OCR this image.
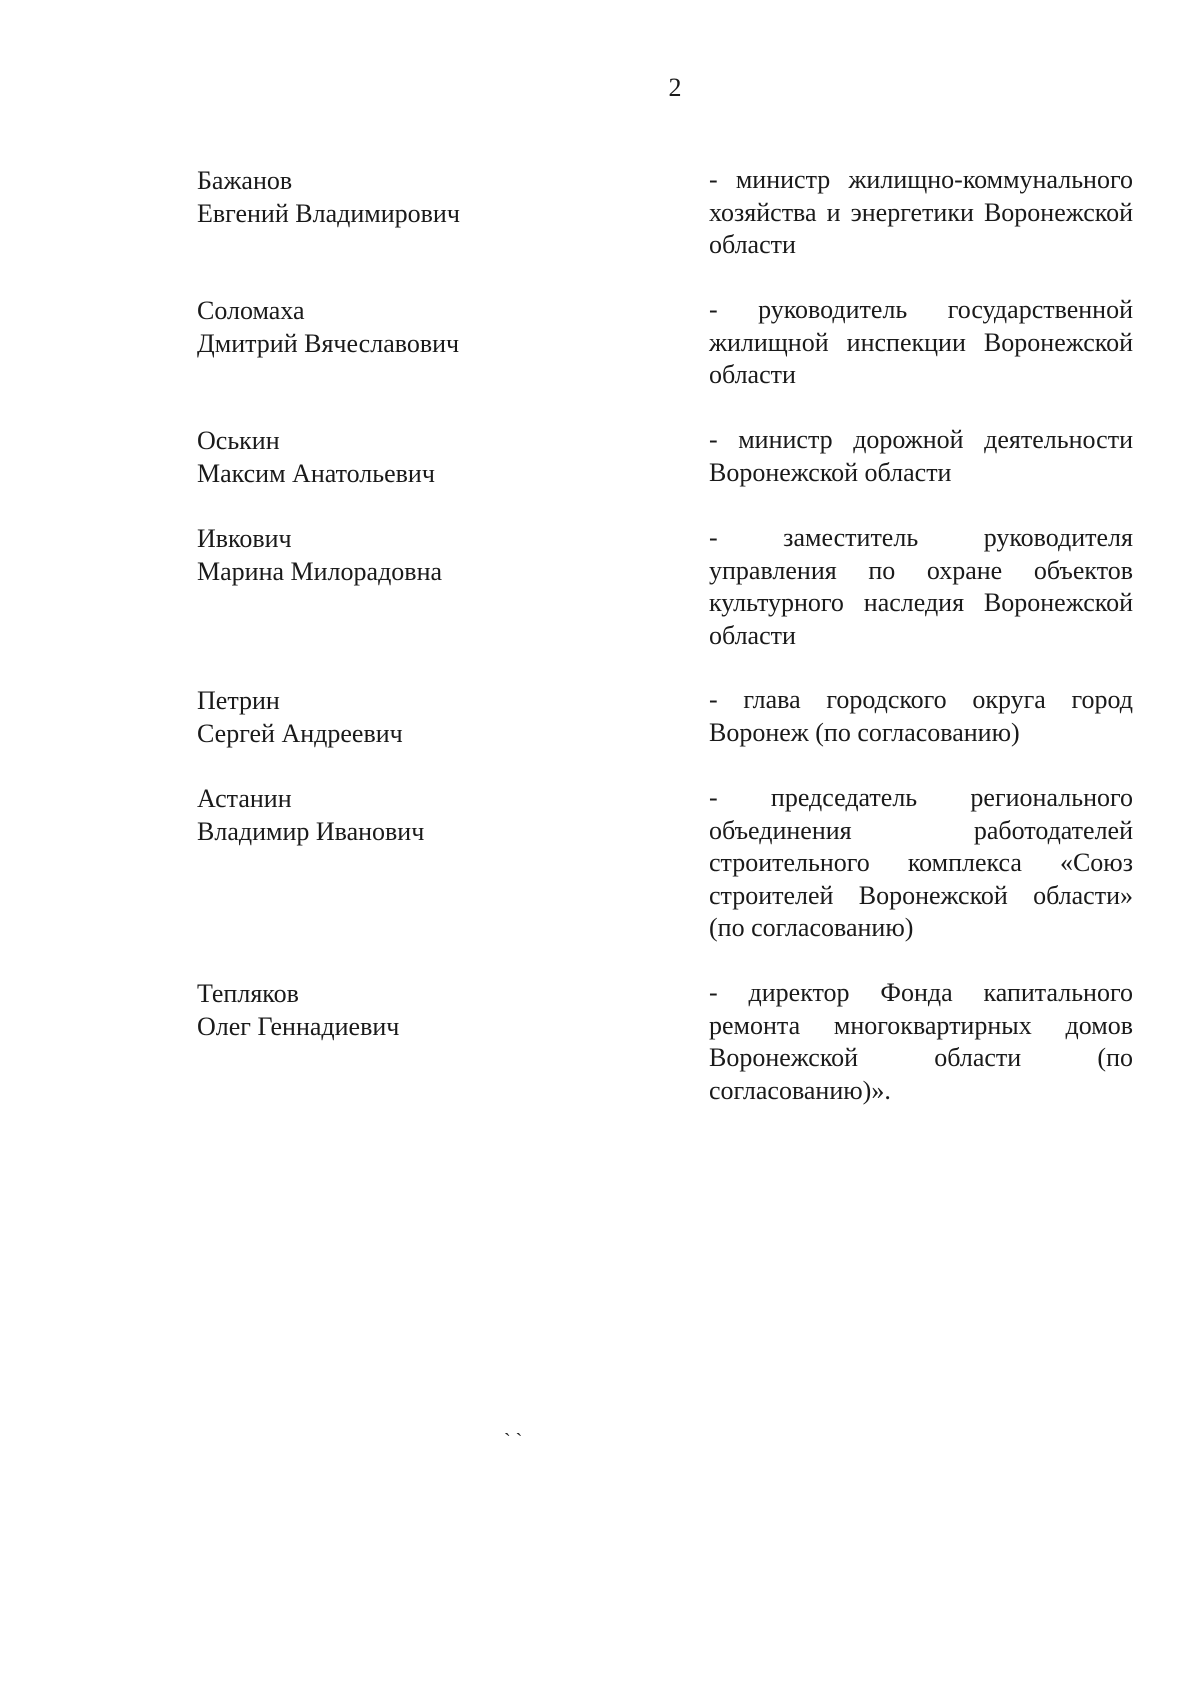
2
Бажанов
Евгений Владимирович
- министр жилищно-коммунального хозяйства и энергетики Воронежской области
Соломаха
Дмитрий Вячеславович
- руководитель государственной жилищной инспекции Воронежской области
Оськин
Максим Анатольевич
- министр дорожной деятельности Воронежской области
Ивкович
Марина Милорадовна
- заместитель руководителя управления по охране объектов культурного наследия Воронежской области
Петрин
Сергей Андреевич
- глава городского округа город Воронеж (по согласованию)
Астанин
Владимир Иванович
- председатель регионального объединения работодателей строительного комплекса «Союз строителей Воронежской области» (по согласованию)
Тепляков
Олег Геннадиевич
- директор Фонда капитального ремонта многоквартирных домов Воронежской области (по согласованию)».
˴ ˴
